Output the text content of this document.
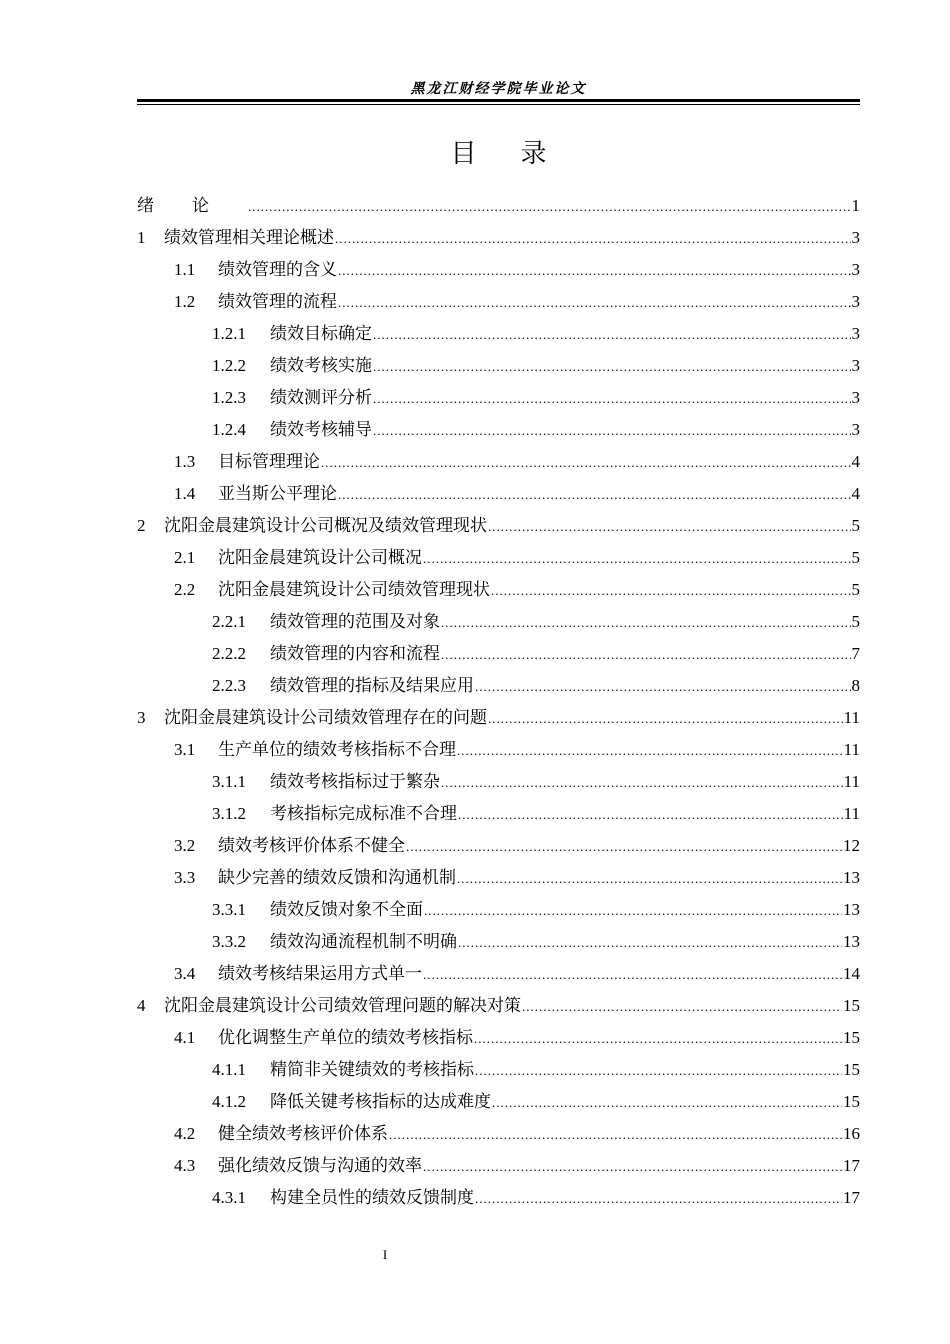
黑龙江财经学院毕业论文
目录
绪论 .....	1
1	绩效管理相关理论概述 .....	3
1.1	绩效管理的含义 .....	3
1.2	绩效管理的流程 .....	3
1.2.1	绩效目标确定 .....	3
1.2.2	绩效考核实施 .....	3
1.2.3	绩效测评分析 .....	3
1.2.4	绩效考核辅导 .....	3
1.3	目标管理理论 .....	4
1.4	亚当斯公平理论 .....	4
2	沈阳金晨建筑设计公司概况及绩效管理现状 .....	5
2.1	沈阳金晨建筑设计公司概况 .....	5
2.2	沈阳金晨建筑设计公司绩效管理现状 .....	5
2.2.1	绩效管理的范围及对象 .....	5
2.2.2	绩效管理的内容和流程 .....	7
2.2.3	绩效管理的指标及结果应用 .....	8
3	沈阳金晨建筑设计公司绩效管理存在的问题 .....	11
3.1	生产单位的绩效考核指标不合理 .....	11
3.1.1	绩效考核指标过于繁杂 .....	11
3.1.2	考核指标完成标准不合理 .....	11
3.2	绩效考核评价体系不健全 .....	12
3.3	缺少完善的绩效反馈和沟通机制 .....	13
3.3.1	绩效反馈对象不全面 .....	13
3.3.2	绩效沟通流程机制不明确 .....	13
3.4	绩效考核结果运用方式单一 .....	14
4	沈阳金晨建筑设计公司绩效管理问题的解决对策 .....	15
4.1	优化调整生产单位的绩效考核指标 .....	15
4.1.1	精简非关键绩效的考核指标 .....	15
4.1.2	降低关键考核指标的达成难度 .....	15
4.2	健全绩效考核评价体系 .....	16
4.3	强化绩效反馈与沟通的效率 .....	17
4.3.1	构建全员性的绩效反馈制度 .....	17
I
